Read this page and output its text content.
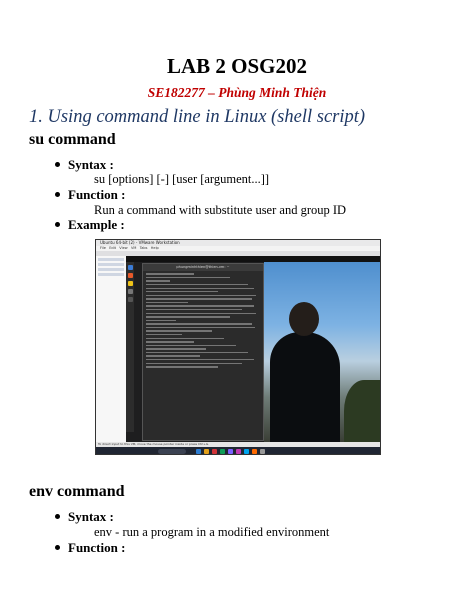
LAB 2 OSG202
SE182277 – Phùng Minh Thiện
1. Using command line in Linux (shell script)
su command
Syntax :
su [options] [-] [user [argument...]]
Function :
Run a command with substitute user and group ID
Example :
Ubuntu 64-bit (2) - VMware Workstation
File   Edit   View   VM   Tabs   Help
phungminhthien@thien-vm: ~
To direct input to this VM, move the mouse pointer inside or press Ctrl+G.
env command
Syntax :
env - run a program in a modified environment
Function :
